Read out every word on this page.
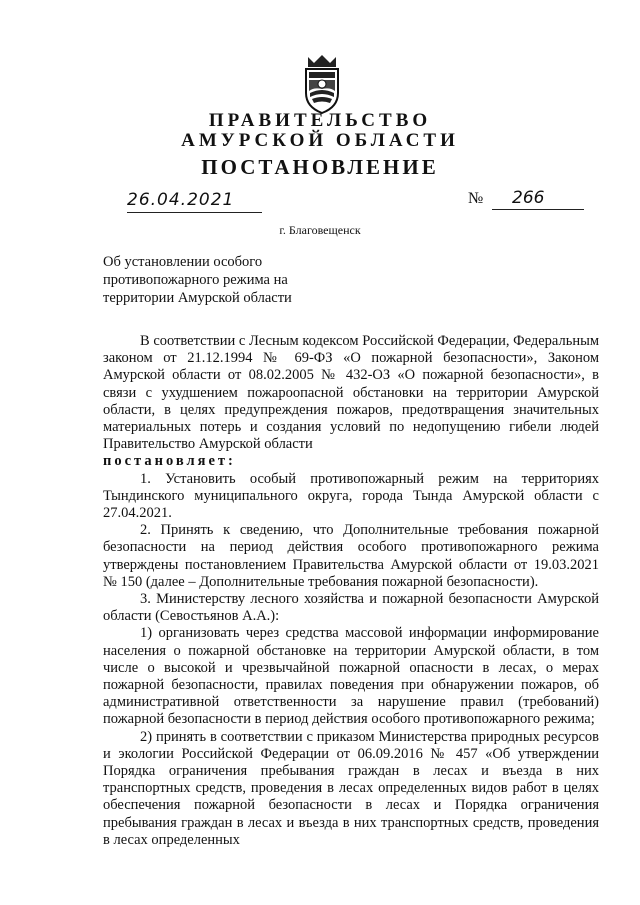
ПРАВИТЕЛЬСТВО
АМУРСКОЙ ОБЛАСТИ
ПОСТАНОВЛЕНИЕ
26.04.2021	№	266
г. Благовещенск
Об установлении особого
противопожарного режима на
территории Амурской области

В соответствии с Лесным кодексом Российской Федерации, Федеральным законом от 21.12.1994 № 69-ФЗ «О пожарной безопасности», Законом Амурской области от 08.02.2005 № 432-ОЗ «О пожарной безопасности», в связи с ухудшением пожароопасной обстановки на территории Амурской области, в целях предупреждения пожаров, предотвращения значительных материальных потерь и создания условий по недопущению гибели людей Правительство Амурской области

постановляет:

1. Установить особый противопожарный режим на территориях Тындинского муниципального округа, города Тында Амурской области с 27.04.2021.

2. Принять к сведению, что Дополнительные требования пожарной безопасности на период действия особого противопожарного режима утверждены постановлением Правительства Амурской области от 19.03.2021 № 150 (далее – Дополнительные требования пожарной безопасности).

3. Министерству лесного хозяйства и пожарной безопасности Амурской области (Севостьянов А.А.):

1) организовать через средства массовой информации информирование населения о пожарной обстановке на территории Амурской области, в том числе о высокой и чрезвычайной пожарной опасности в лесах, о мерах пожарной безопасности, правилах поведения при обнаружении пожаров, об административной ответственности за нарушение правил (требований) пожарной безопасности в период действия особого противопожарного режима;

2) принять в соответствии с приказом Министерства природных ресурсов и экологии Российской Федерации от 06.09.2016 № 457 «Об утверждении Порядка ограничения пребывания граждан в лесах и въезда в них транспортных средств, проведения в лесах определенных видов работ в целях обеспечения пожарной безопасности в лесах и Порядка ограничения пребывания граждан в лесах и въезда в них транспортных средств, проведения в лесах определенных
